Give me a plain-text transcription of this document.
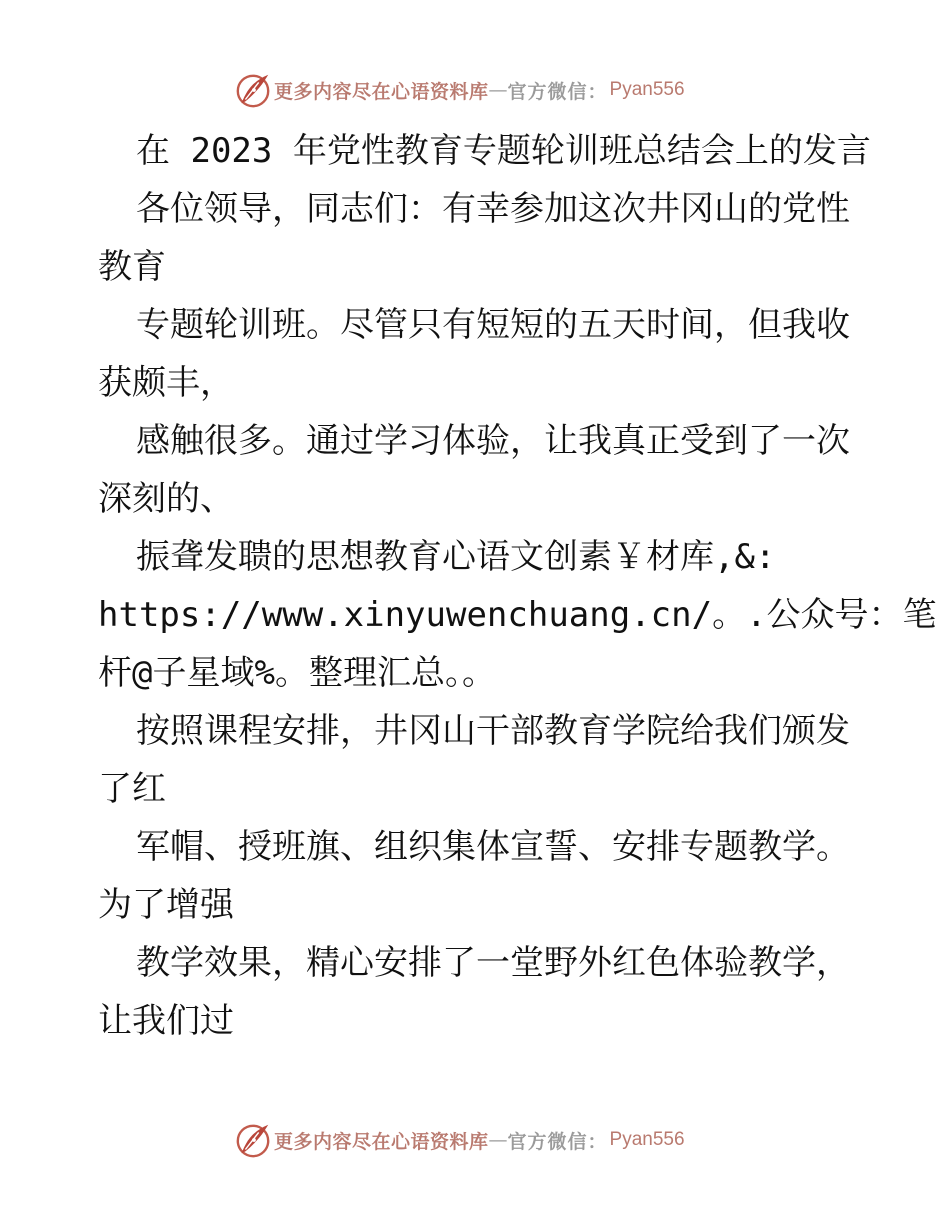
更多内容尽在心语资料库 — 官方微信： Pyan556
在 2023 年党性教育专题轮训班总结会上的发言
各位领导，同志们：有幸参加这次井冈山的党性
教育
专题轮训班。尽管只有短短的五天时间，但我收
获颇丰，
感触很多。通过学习体验，让我真正受到了一次
深刻的、
振聋发聩的思想教育心语文创素￥材库,&:
https://www.xinyuwenchuang.cn/。.公众号：笔
杆@子星域%。整理汇总。。
按照课程安排，井冈山干部教育学院给我们颁发
了红
军帽、授班旗、组织集体宣誓、安排专题教学。
为了增强
教学效果，精心安排了一堂野外红色体验教学，
让我们过
更多内容尽在心语资料库 — 官方微信： Pyan556
